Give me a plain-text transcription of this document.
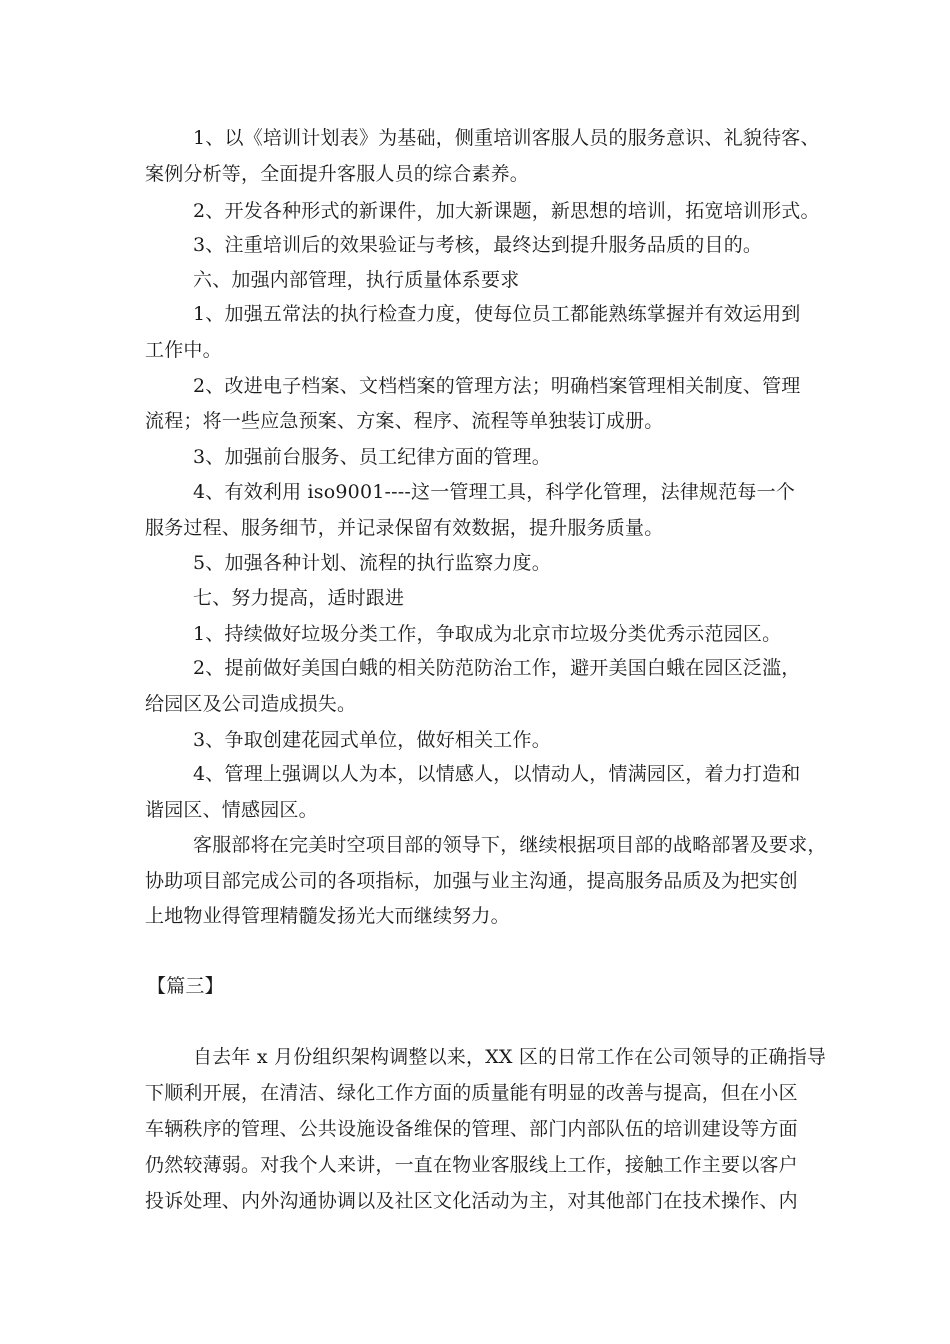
1、以《培训计划表》为基础，侧重培训客服人员的服务意识、礼貌待客、
案例分析等，全面提升客服人员的综合素养。
2、开发各种形式的新课件，加大新课题，新思想的培训，拓宽培训形式。
3、注重培训后的效果验证与考核，最终达到提升服务品质的目的。
六、加强内部管理，执行质量体系要求
1、加强五常法的执行检查力度，使每位员工都能熟练掌握并有效运用到
工作中。
2、改进电子档案、文档档案的管理方法；明确档案管理相关制度、管理
流程；将一些应急预案、方案、程序、流程等单独装订成册。
3、加强前台服务、员工纪律方面的管理。
4、有效利用 iso9001----这一管理工具，科学化管理，法律规范每一个
服务过程、服务细节，并记录保留有效数据，提升服务质量。
5、加强各种计划、流程的执行监察力度。
七、努力提高，适时跟进
1、持续做好垃圾分类工作，争取成为北京市垃圾分类优秀示范园区。
2、提前做好美国白蛾的相关防范防治工作，避开美国白蛾在园区泛滥，
给园区及公司造成损失。
3、争取创建花园式单位，做好相关工作。
4、管理上强调以人为本，以情感人，以情动人，情满园区，着力打造和
谐园区、情感园区。
客服部将在完美时空项目部的领导下，继续根据项目部的战略部署及要求，
协助项目部完成公司的各项指标，加强与业主沟通，提高服务品质及为把实创
上地物业得管理精髓发扬光大而继续努力。
【篇三】
自去年 x 月份组织架构调整以来，XX 区的日常工作在公司领导的正确指导
下顺利开展，在清洁、绿化工作方面的质量能有明显的改善与提高，但在小区
车辆秩序的管理、公共设施设备维保的管理、部门内部队伍的培训建设等方面
仍然较薄弱。对我个人来讲，一直在物业客服线上工作，接触工作主要以客户
投诉处理、内外沟通协调以及社区文化活动为主，对其他部门在技术操作、内
